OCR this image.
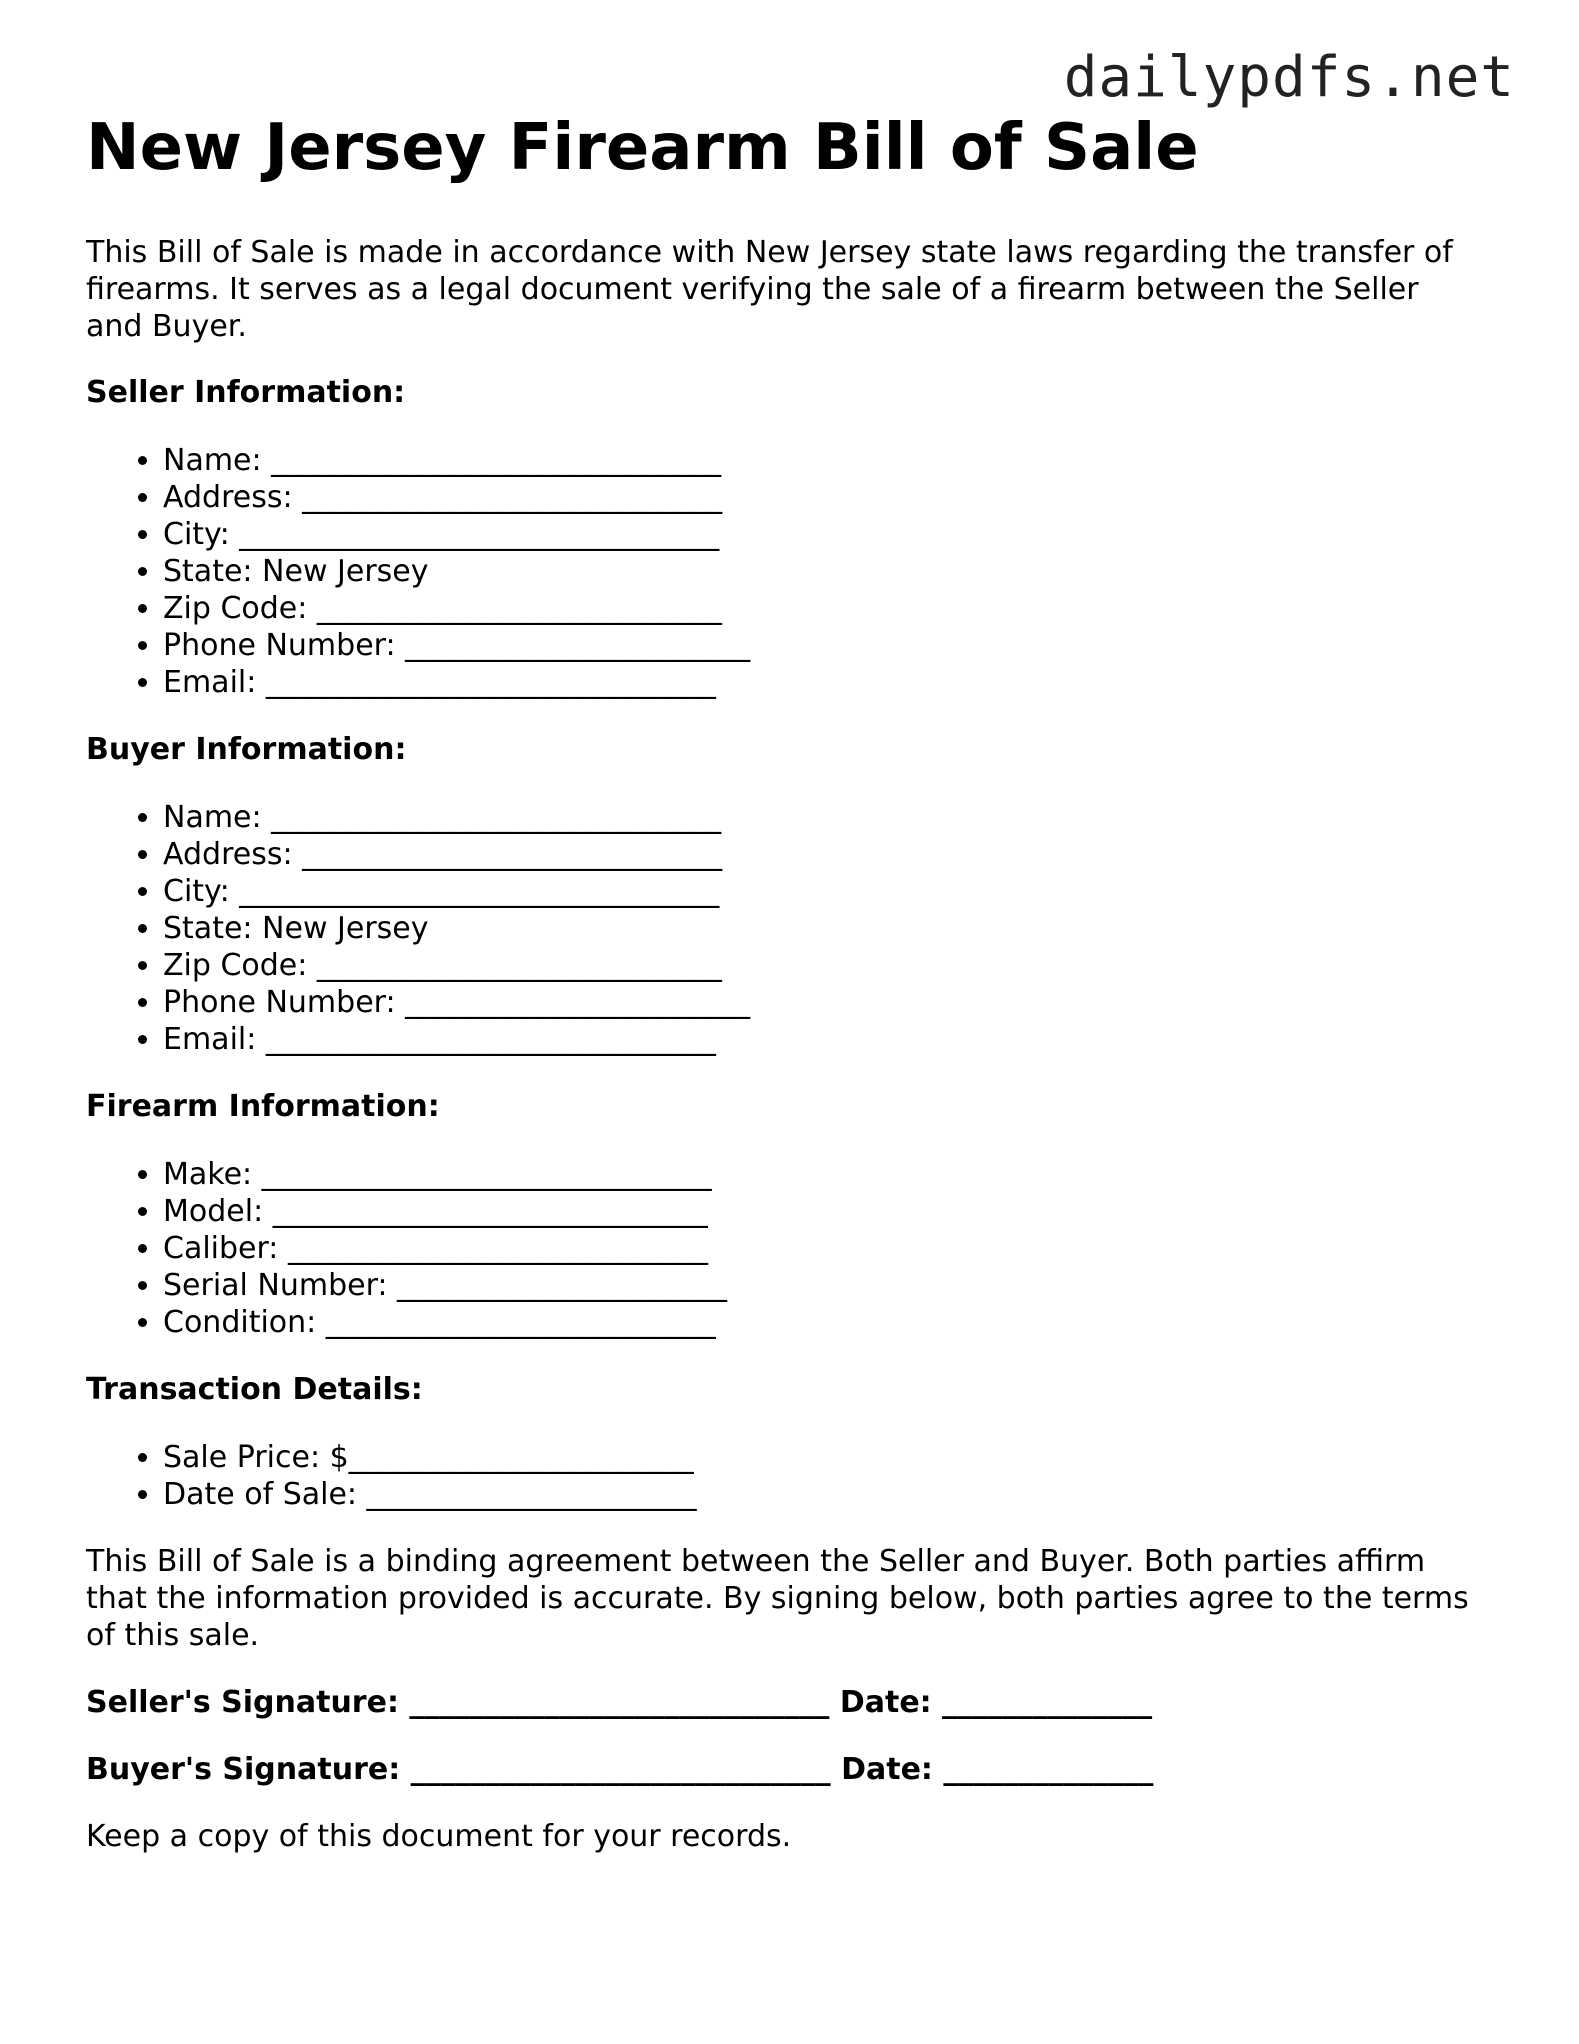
dailypdfs.net
New Jersey Firearm Bill of Sale

This Bill of Sale is made in accordance with New Jersey state laws regarding the transfer of firearms. It serves as a legal document verifying the sale of a firearm between the Seller and Buyer.

Seller Information:
• Name: ______________________________
• Address: ____________________________
• City: ________________________________
• State: New Jersey
• Zip Code: ___________________________
• Phone Number: _______________________
• Email: ______________________________
Buyer Information:
• Name: ______________________________
• Address: ____________________________
• City: ________________________________
• State: New Jersey
• Zip Code: ___________________________
• Phone Number: _______________________
• Email: ______________________________
Firearm Information:
• Make: ______________________________
• Model: _____________________________
• Caliber: ____________________________
• Serial Number: ______________________
• Condition: __________________________
Transaction Details:
• Sale Price: $_______________________
• Date of Sale: ______________________

This Bill of Sale is a binding agreement between the Seller and Buyer. Both parties affirm that the information provided is accurate. By signing below, both parties agree to the terms of this sale.

Seller's Signature: ____________________________ Date: ______________
Buyer's Signature: ____________________________ Date: ______________

Keep a copy of this document for your records.
